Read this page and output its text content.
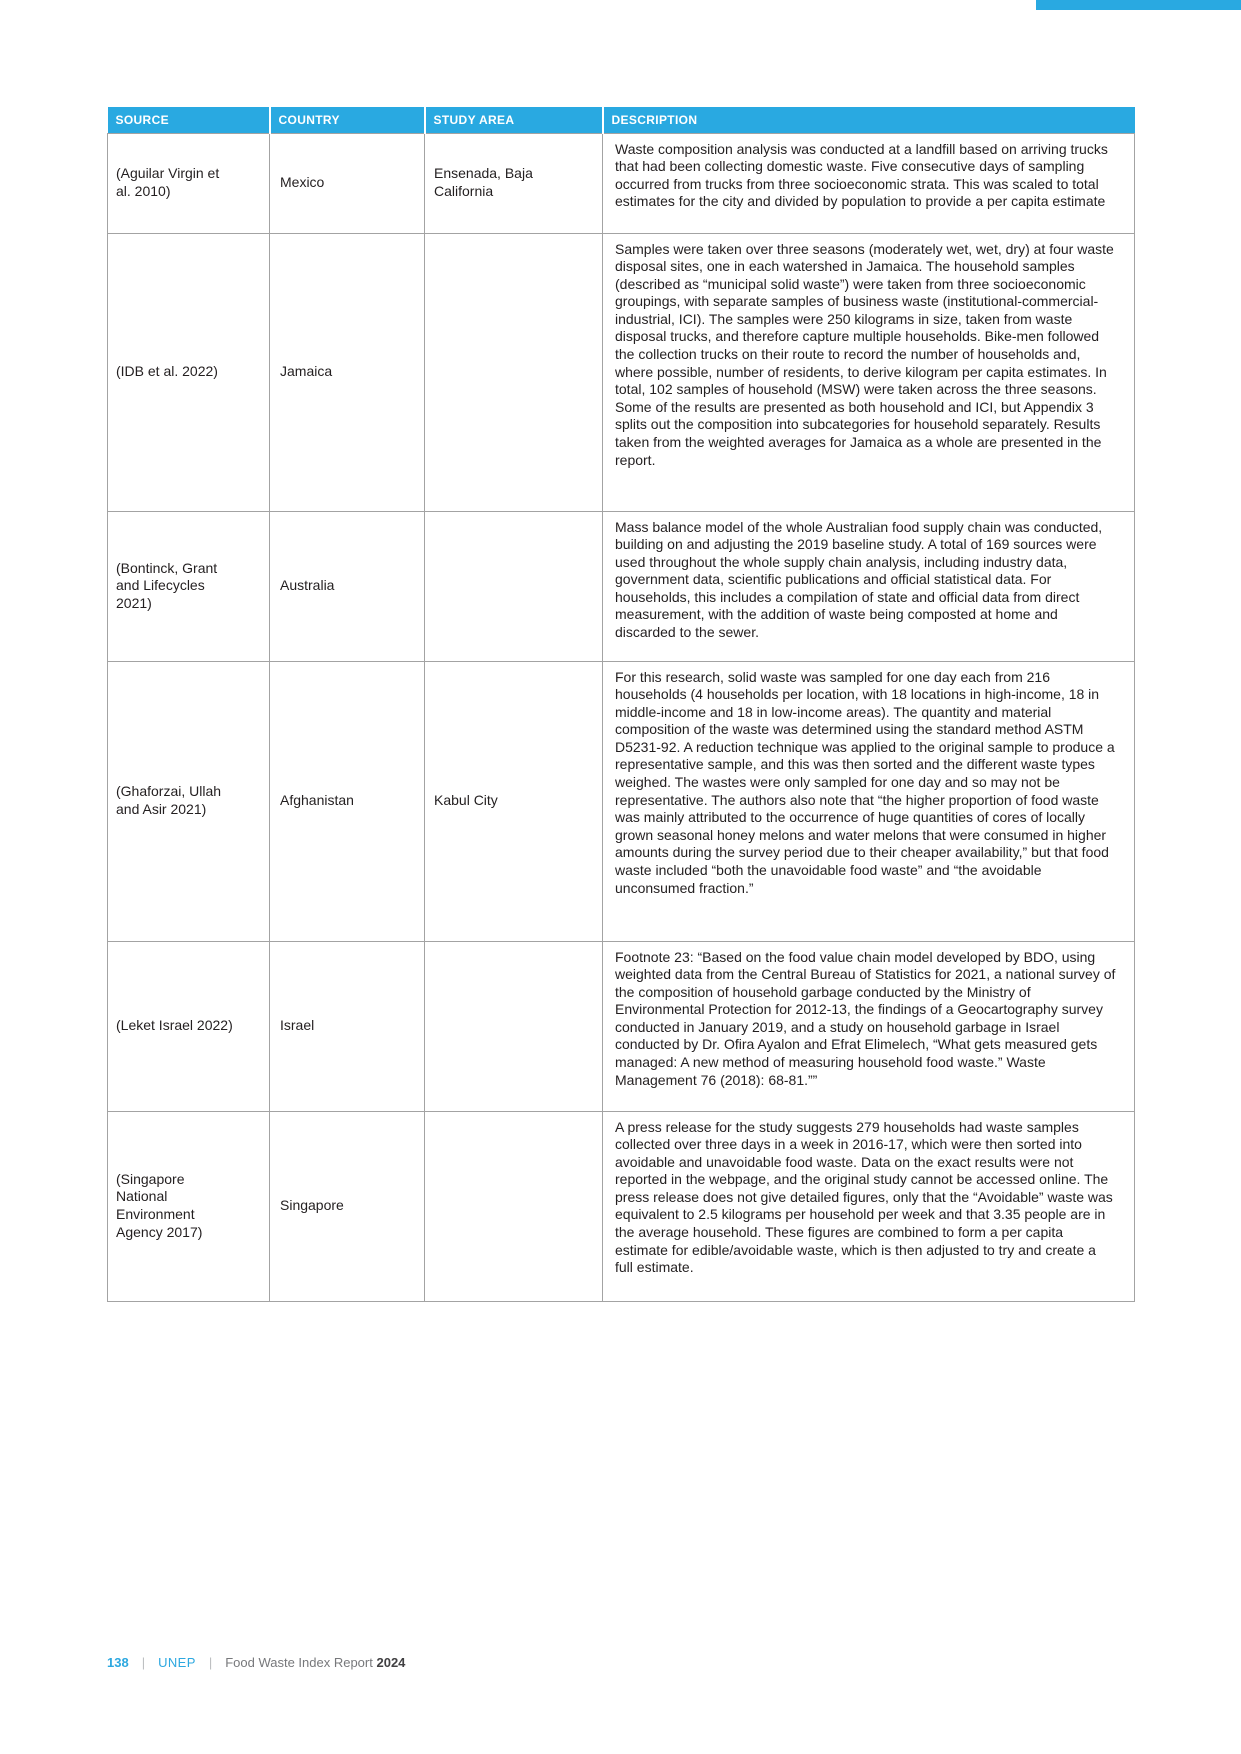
SOURCE	COUNTRY	STUDY AREA	DESCRIPTION
(Aguilar Virgin et al. 2010)	Mexico	Ensenada, Baja California	Waste composition analysis was conducted at a landfill based on arriving trucks that had been collecting domestic waste. Five consecutive days of sampling occurred from trucks from three socioeconomic strata. This was scaled to total estimates for the city and divided by population to provide a per capita estimate
(IDB et al. 2022)	Jamaica		Samples were taken over three seasons (moderately wet, wet, dry) at four waste disposal sites, one in each watershed in Jamaica. The household samples (described as “municipal solid waste”) were taken from three socioeconomic groupings, with separate samples of business waste (institutional-commercial-industrial, ICI). The samples were 250 kilograms in size, taken from waste disposal trucks, and therefore capture multiple households. Bike-men followed the collection trucks on their route to record the number of households and, where possible, number of residents, to derive kilogram per capita estimates. In total, 102 samples of household (MSW) were taken across the three seasons. Some of the results are presented as both household and ICI, but Appendix 3 splits out the composition into subcategories for household separately. Results taken from the weighted averages for Jamaica as a whole are presented in the report.
(Bontinck, Grant and Lifecycles 2021)	Australia		Mass balance model of the whole Australian food supply chain was conducted, building on and adjusting the 2019 baseline study. A total of 169 sources were used throughout the whole supply chain analysis, including industry data, government data, scientific publications and official statistical data. For households, this includes a compilation of state and official data from direct measurement, with the addition of waste being composted at home and discarded to the sewer.
(Ghaforzai, Ullah and Asir 2021)	Afghanistan	Kabul City	For this research, solid waste was sampled for one day each from 216 households (4 households per location, with 18 locations in high-income, 18 in middle-income and 18 in low-income areas). The quantity and material composition of the waste was determined using the standard method ASTM D5231-92. A reduction technique was applied to the original sample to produce a representative sample, and this was then sorted and the different waste types weighed. The wastes were only sampled for one day and so may not be representative. The authors also note that “the higher proportion of food waste was mainly attributed to the occurrence of huge quantities of cores of locally grown seasonal honey melons and water melons that were consumed in higher amounts during the survey period due to their cheaper availability,” but that food waste included “both the unavoidable food waste” and “the avoidable unconsumed fraction.”
(Leket Israel 2022)	Israel		Footnote 23: “Based on the food value chain model developed by BDO, using weighted data from the Central Bureau of Statistics for 2021, a national survey of the composition of household garbage conducted by the Ministry of Environmental Protection for 2012-13, the findings of a Geocartography survey conducted in January 2019, and a study on household garbage in Israel conducted by Dr. Ofira Ayalon and Efrat Elimelech, “What gets measured gets managed: A new method of measuring household food waste.” Waste Management 76 (2018): 68-81.””
(Singapore National Environment Agency 2017)	Singapore		A press release for the study suggests 279 households had waste samples collected over three days in a week in 2016-17, which were then sorted into avoidable and unavoidable food waste. Data on the exact results were not reported in the webpage, and the original study cannot be accessed online. The press release does not give detailed figures, only that the “Avoidable” waste was equivalent to 2.5 kilograms per household per week and that 3.35 people are in the average household. These figures are combined to form a per capita estimate for edible/avoidable waste, which is then adjusted to try and create a full estimate.
138 | UNEP | Food Waste Index Report 2024
